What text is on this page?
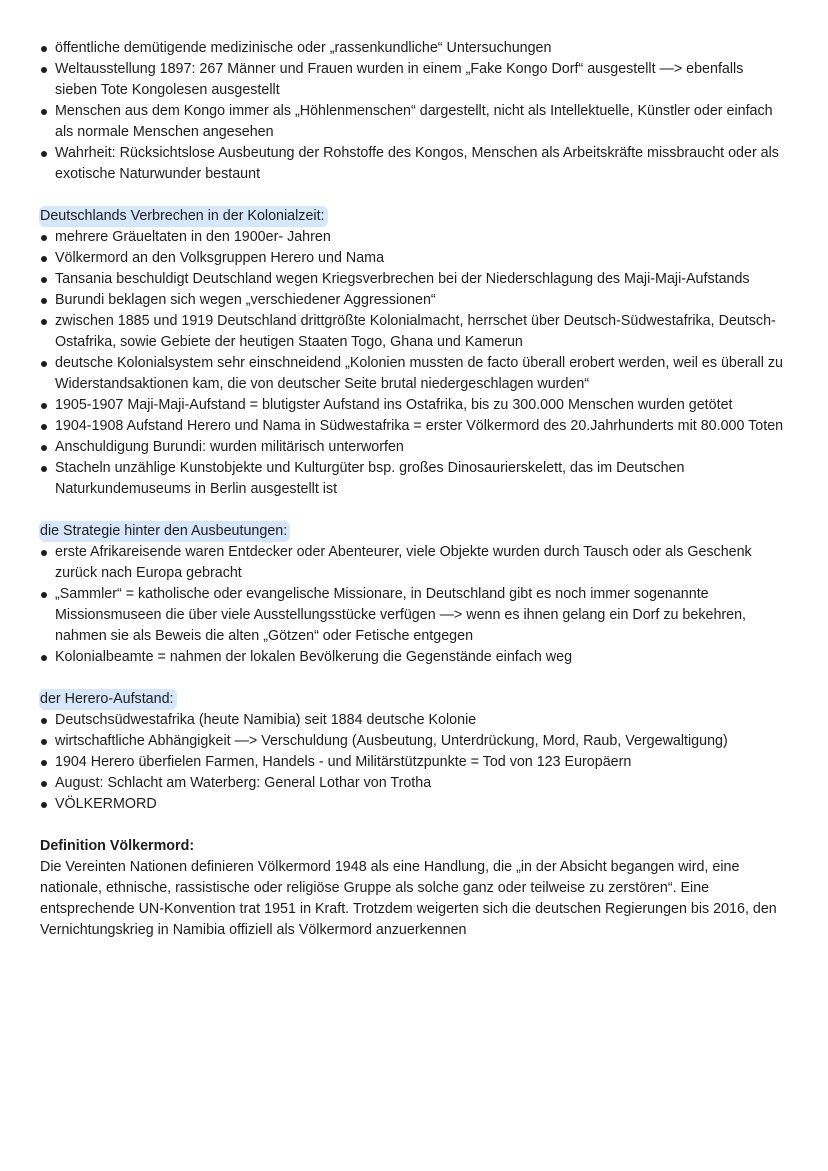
öffentliche demütigende medizinische oder „rassenkundliche“ Untersuchungen
Weltausstellung 1897: 267 Männer und Frauen wurden in einem „Fake Kongo Dorf“ ausgestellt —> ebenfalls sieben Tote Kongolesen ausgestellt
Menschen aus dem Kongo immer als „Höhlenmenschen“ dargestellt, nicht als Intellektuelle, Künstler oder einfach als normale Menschen angesehen
Wahrheit: Rücksichtslose Ausbeutung der Rohstoffe des Kongos, Menschen als Arbeitskräfte missbraucht oder als exotische Naturwunder bestaunt
Deutschlands Verbrechen in der Kolonialzeit:
mehrere Gräueltaten in den 1900er- Jahren
Völkermord an den Volksgruppen Herero und Nama
Tansania beschuldigt Deutschland wegen Kriegsverbrechen bei der Niederschlagung des Maji-Maji-Aufstands
Burundi beklagen sich wegen „verschiedener Aggressionen“
zwischen 1885 und 1919 Deutschland drittgrößte Kolonialmacht, herrschet über Deutsch-Südwestafrika, Deutsch-Ostafrika, sowie Gebiete der heutigen Staaten Togo, Ghana und Kamerun
deutsche Kolonialsystem sehr einschneidend „Kolonien mussten de facto überall erobert werden, weil es überall zu Widerstandsaktionen kam, die von deutscher Seite brutal niedergeschlagen wurden“
1905-1907 Maji-Maji-Aufstand = blutigster Aufstand ins Ostafrika, bis zu 300.000 Menschen wurden getötet
1904-1908 Aufstand Herero und Nama in Südwestafrika = erster Völkermord des 20.Jahrhunderts mit 80.000 Toten
Anschuldigung Burundi: wurden militärisch unterworfen
Stacheln unzählige Kunstobjekte und Kulturgüter bsp. großes Dinosaurierskelett, das im Deutschen Naturkundemuseums in Berlin ausgestellt ist
die Strategie hinter den Ausbeutungen:
erste Afrikareisende waren Entdecker oder Abenteurer, viele Objekte wurden durch Tausch oder als Geschenk zurück nach Europa gebracht
„Sammler“ = katholische oder evangelische Missionare, in Deutschland gibt es noch immer sogenannte Missionsmuseen die über viele Ausstellungsstücke verfügen —> wenn es ihnen gelang ein Dorf zu bekehren, nahmen sie als Beweis die alten „Götzen“ oder Fetische entgegen
Kolonialbeamte = nahmen der lokalen Bevölkerung die Gegenstände einfach weg
der Herero-Aufstand:
Deutschsüdwestafrika (heute Namibia) seit 1884 deutsche Kolonie
wirtschaftliche Abhängigkeit —> Verschuldung (Ausbeutung, Unterdrückung, Mord, Raub, Vergewaltigung)
1904 Herero überfielen Farmen, Handels - und Militärstützpunkte = Tod von 123 Europäern
August: Schlacht am Waterberg: General Lothar von Trotha
VÖLKERMORD
Definition Völkermord:

Die Vereinten Nationen definieren Völkermord 1948 als eine Handlung, die „in der Absicht begangen wird, eine nationale, ethnische, rassistische oder religiöse Gruppe als solche ganz oder teilweise zu zerstören“. Eine entsprechende UN-Konvention trat 1951 in Kraft. Trotzdem weigerten sich die deutschen Regierungen bis 2016, den Vernichtungskrieg in Namibia offiziell als Völkermord anzuerkennen
